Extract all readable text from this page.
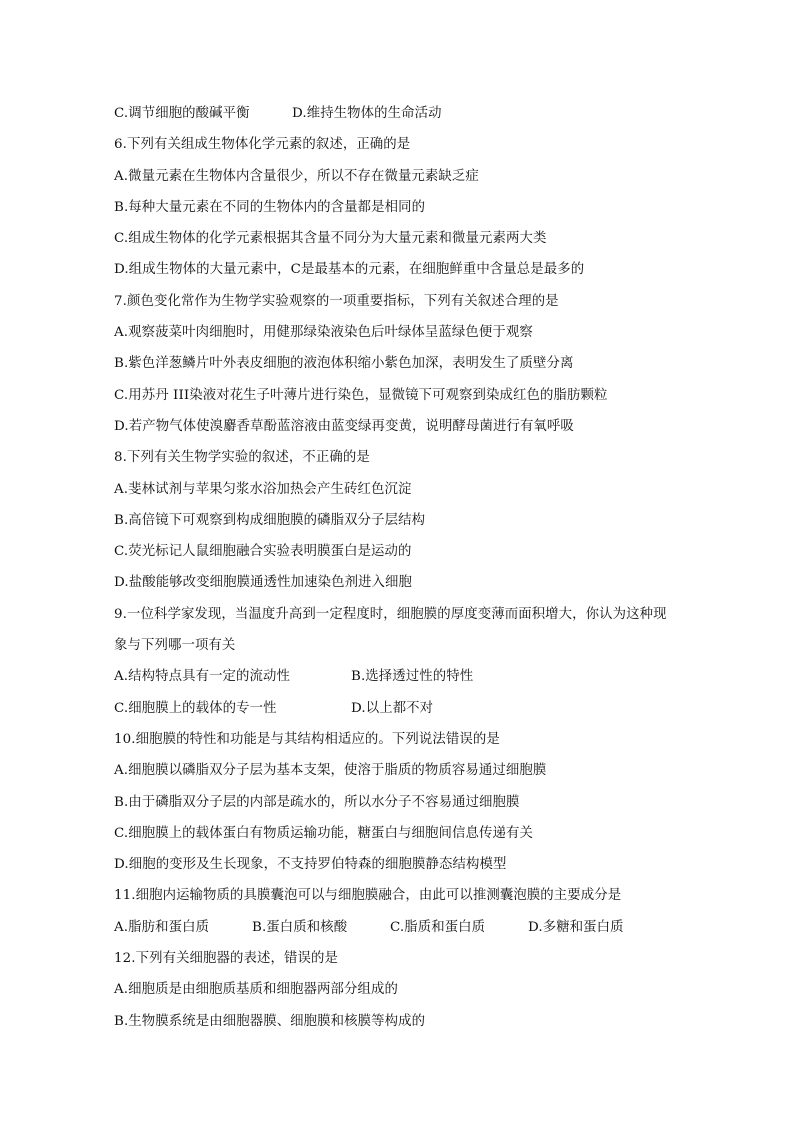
C.调节细胞的酸碱平衡	D.维持生物体的生命活动
6.下列有关组成生物体化学元素的叙述，正确的是
A.微量元素在生物体内含量很少，所以不存在微量元素缺乏症
B.每种大量元素在不同的生物体内的含量都是相同的
C.组成生物体的化学元素根据其含量不同分为大量元素和微量元素两大类
D.组成生物体的大量元素中，C是最基本的元素，在细胞鲜重中含量总是最多的
7.颜色变化常作为生物学实验观察的一项重要指标，下列有关叙述合理的是
A.观察菠菜叶肉细胞时，用健那绿染液染色后叶绿体呈蓝绿色便于观察
B.紫色洋葱鳞片叶外表皮细胞的液泡体积缩小紫色加深，表明发生了质壁分离
C.用苏丹 III染液对花生子叶薄片进行染色，显微镜下可观察到染成红色的脂肪颗粒
D.若产物气体使溴麝香草酚蓝溶液由蓝变绿再变黄，说明酵母菌进行有氧呼吸
8.下列有关生物学实验的叙述，不正确的是
A.斐林试剂与苹果匀浆水浴加热会产生砖红色沉淀
B.高倍镜下可观察到构成细胞膜的磷脂双分子层结构
C.荧光标记人鼠细胞融合实验表明膜蛋白是运动的
D.盐酸能够改变细胞膜通透性加速染色剂进入细胞
9.一位科学家发现，当温度升高到一定程度时，细胞膜的厚度变薄而面积增大，你认为这种现
象与下列哪一项有关
A.结构特点具有一定的流动性	B.选择透过性的特性
C.细胞膜上的载体的专一性	D.以上都不对
10.细胞膜的特性和功能是与其结构相适应的。下列说法错误的是
A.细胞膜以磷脂双分子层为基本支架，使溶于脂质的物质容易通过细胞膜
B.由于磷脂双分子层的内部是疏水的，所以水分子不容易通过细胞膜
C.细胞膜上的载体蛋白有物质运输功能，糖蛋白与细胞间信息传递有关
D.细胞的变形及生长现象，不支持罗伯特森的细胞膜静态结构模型
11.细胞内运输物质的具膜囊泡可以与细胞膜融合，由此可以推测囊泡膜的主要成分是
A.脂肪和蛋白质	B.蛋白质和核酸	C.脂质和蛋白质	D.多糖和蛋白质
12.下列有关细胞器的表述，错误的是
A.细胞质是由细胞质基质和细胞器两部分组成的
B.生物膜系统是由细胞器膜、细胞膜和核膜等构成的
